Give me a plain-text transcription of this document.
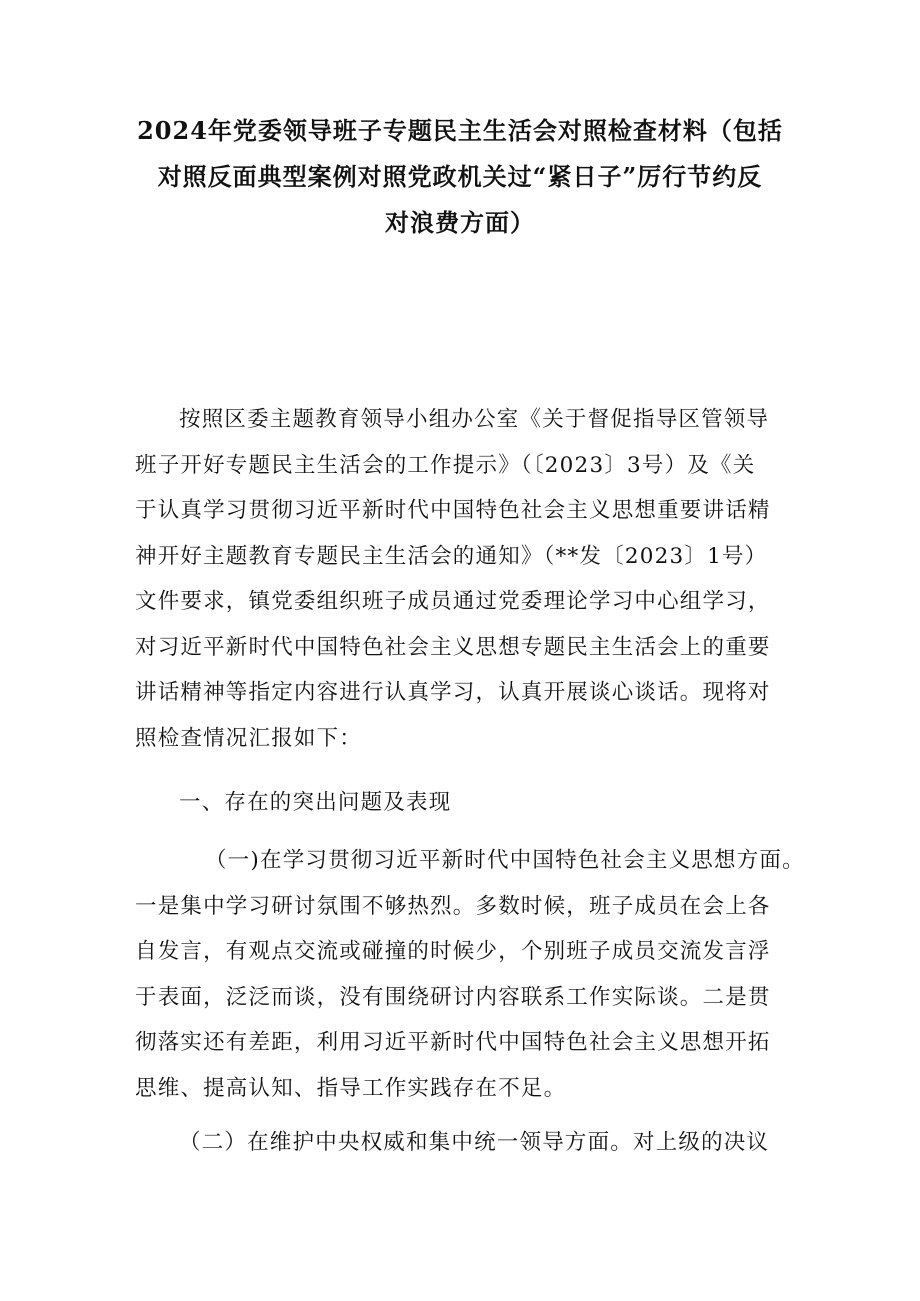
2024年党委领导班子专题民主生活会对照检查材料（包括
对照反面典型案例对照党政机关过“紧日子”厉行节约反
对浪费方面）
按照区委主题教育领导小组办公室《关于督促指导区管领导
班子开好专题民主生活会的工作提示》（〔2023〕3号）及《关
于认真学习贯彻习近平新时代中国特色社会主义思想重要讲话精
神开好主题教育专题民主生活会的通知》（**发〔2023〕1号）
文件要求，镇党委组织班子成员通过党委理论学习中心组学习，
对习近平新时代中国特色社会主义思想专题民主生活会上的重要
讲话精神等指定内容进行认真学习，认真开展谈心谈话。现将对
照检查情况汇报如下：
一、存在的突出问题及表现
（一)在学习贯彻习近平新时代中国特色社会主义思想方面。
一是集中学习研讨氛围不够热烈。多数时候，班子成员在会上各
自发言，有观点交流或碰撞的时候少，个别班子成员交流发言浮
于表面，泛泛而谈，没有围绕研讨内容联系工作实际谈。二是贯
彻落实还有差距，利用习近平新时代中国特色社会主义思想开拓
思维、提高认知、指导工作实践存在不足。
（二）在维护中央权威和集中统一领导方面。对上级的决议
